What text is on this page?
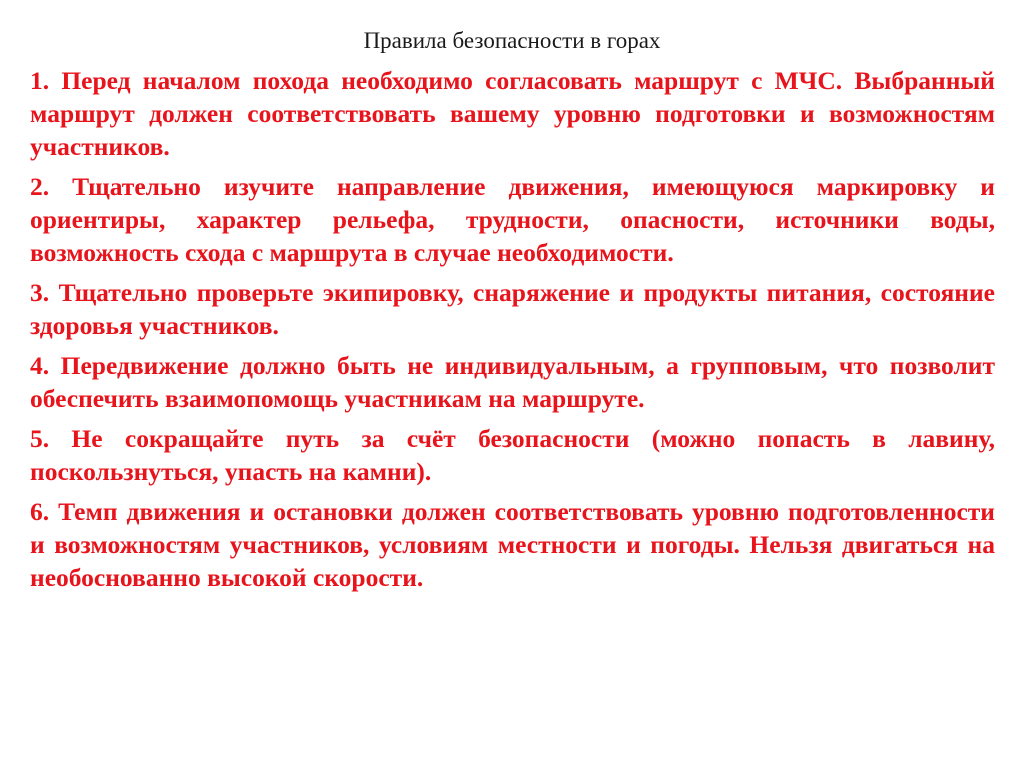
Правила безопасности в горах
1. Перед началом похода необходимо согласовать маршрут с МЧС. Выбранный маршрут должен соответствовать вашему уровню подготовки и возможностям участников.
2. Тщательно изучите направление движения, имеющуюся маркировку и ориентиры, характер рельефа, трудности, опасности, источники воды, возможность схода с маршрута в случае необходимости.
3. Тщательно проверьте экипировку, снаряжение и продукты питания, состояние здоровья участников.
4. Передвижение должно быть не индивидуальным, а групповым, что позволит обеспечить взаимопомощь участникам на маршруте.
5. Не сокращайте путь за счёт безопасности (можно попасть в лавину, поскользнуться, упасть на камни).
6. Темп движения и остановки должен соответствовать уровню подготовленности и возможностям участников, условиям местности и погоды. Нельзя двигаться на необоснованно высокой скорости.
